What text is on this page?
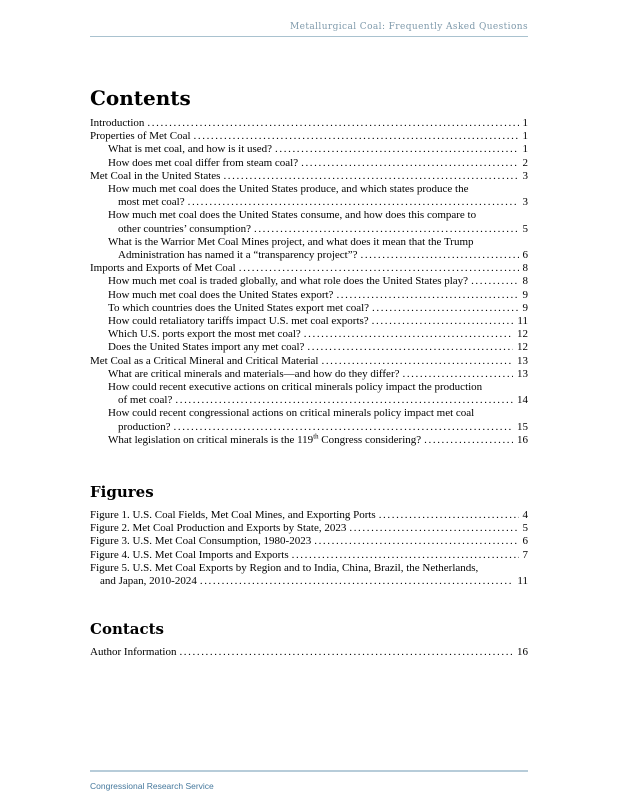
Metallurgical Coal: Frequently Asked Questions
Contents
Introduction .....	1
Properties of Met Coal .....	1
What is met coal, and how is it used? .....	1
How does met coal differ from steam coal? .....	2
Met Coal in the United States .....	3
How much met coal does the United States produce, and which states produce the
most met coal? .....	3
How much met coal does the United States consume, and how does this compare to
other countries’ consumption? .....	5
What is the Warrior Met Coal Mines project, and what does it mean that the Trump
Administration has named it a “transparency project”? .....	6
Imports and Exports of Met Coal .....	8
How much met coal is traded globally, and what role does the United States play? .....	8
How much met coal does the United States export? .....	9
To which countries does the United States export met coal? .....	9
How could retaliatory tariffs impact U.S. met coal exports? .....	11
Which U.S. ports export the most met coal? .....	12
Does the United States import any met coal? .....	12
Met Coal as a Critical Mineral and Critical Material .....	13
What are critical minerals and materials—and how do they differ? .....	13
How could recent executive actions on critical minerals policy impact the production
of met coal? .....	14
How could recent congressional actions on critical minerals policy impact met coal
production? .....	15
What legislation on critical minerals is the 119th Congress considering? .....	16
Figures
Figure 1. U.S. Coal Fields, Met Coal Mines, and Exporting Ports .....	4
Figure 2. Met Coal Production and Exports by State, 2023 .....	5
Figure 3. U.S. Met Coal Consumption, 1980-2023 .....	6
Figure 4. U.S. Met Coal Imports and Exports .....	7
Figure 5. U.S. Met Coal Exports by Region and to India, China, Brazil, the Netherlands,
and Japan, 2010-2024 .....	11
Contacts
Author Information .....	16
Congressional Research Service
